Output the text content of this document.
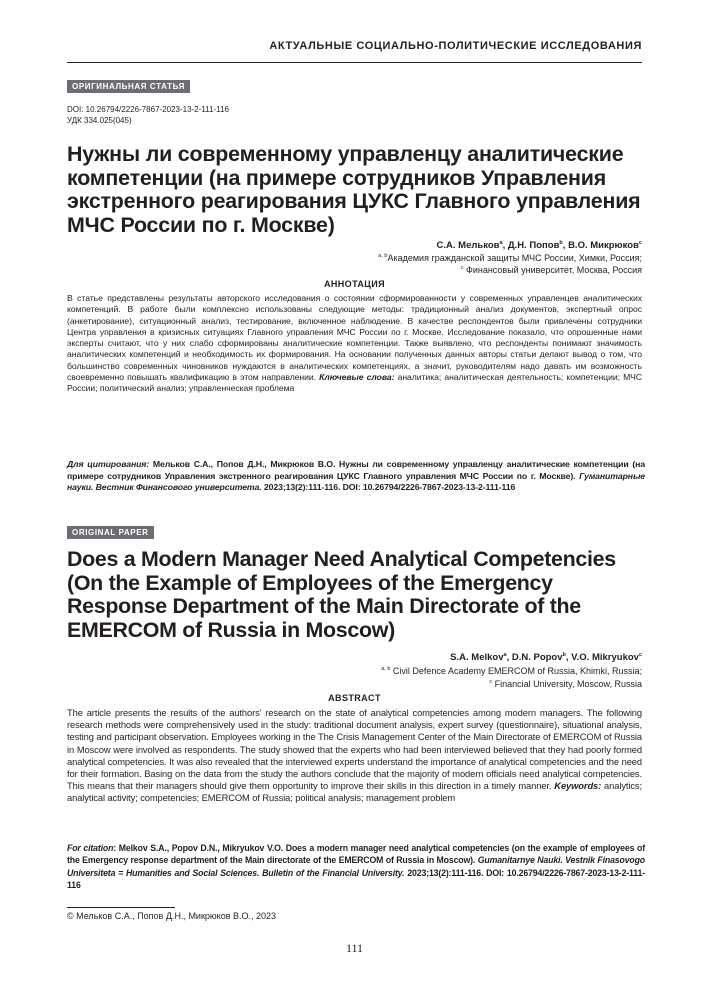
АКТУАЛЬНЫЕ СОЦИАЛЬНО-ПОЛИТИЧЕСКИЕ ИССЛЕДОВАНИЯ
ОРИГИНАЛЬНАЯ СТАТЬЯ
DOI: 10.26794/2226-7867-2023-13-2-111-116
УДК 334.025(045)
Нужны ли современному управленцу аналитические компетенции (на примере сотрудников Управления экстренного реагирования ЦУКС Главного управления МЧС России по г. Москве)
С.А. Мельков$^a$, Д.Н. Попов$^b$, В.О. Микрюков$^c$
$^{a, b}$Академия гражданской защиты МЧС России, Химки, Россия;
$^c$ Финансовый университет, Москва, Россия
АННОТАЦИЯ
В статье представлены результаты авторского исследования о состоянии сформированности у современных управленцев аналитических компетенций. В работе были комплексно использованы следующие методы: традиционный анализ документов, экспертный опрос (анкетирование), ситуационный анализ, тестирование, включенное наблюдение. В качестве респондентов были привлечены сотрудники Центра управления в кризисных ситуациях Главного управления МЧС России по г. Москве. Исследование показало, что опрошенные нами эксперты считают, что у них слабо сформированы аналитические компетенции. Также выявлено, что респонденты понимают значимость аналитических компетенций и необходимость их формирования. На основании полученных данных авторы статьи делают вывод о том, что большинство современных чиновников нуждаются в аналитических компетенциях, а значит, руководителям надо давать им возможность своевременно повышать квалификацию в этом направлении. Ключевые слова: аналитика; аналитическая деятельность; компетенции; МЧС России; политический анализ; управленческая проблема
Для цитирования: Мельков С.А., Попов Д.Н., Микрюков В.О. Нужны ли современному управленцу аналитические компетенции (на примере сотрудников Управления экстренного реагирования ЦУКС Главного управления МЧС России по г. Москве). Гуманитарные науки. Вестник Финансового университета. 2023;13(2):111-116. DOI: 10.26794/2226-7867-2023-13-2-111-116
ORIGINAL PAPER
Does a Modern Manager Need Analytical Competencies (On the Example of Employees of the Emergency Response Department of the Main Directorate of the EMERCOM of Russia in Moscow)
S.A. Melkov$^a$, D.N. Popov$^b$, V.O. Mikryukov$^c$
$^{a, b}$ Civil Defence Academy EMERCOM of Russia, Khimki, Russia;
$^c$ Financial University, Moscow, Russia
ABSTRACT
The article presents the results of the authors' research on the state of analytical competencies among modern managers. The following research methods were comprehensively used in the study: traditional document analysis, expert survey (questionnaire), situational analysis, testing and participant observation. Employees working in the The Crisis Management Center of the Main Directorate of EMERCOM of Russia in Moscow were involved as respondents. The study showed that the experts who had been interviewed believed that they had poorly formed analytical competencies. It was also revealed that the interviewed experts understand the importance of analytical competencies and the need for their formation. Basing on the data from the study the authors conclude that the majority of modern officials need analytical competencies. This means that their managers should give them opportunity to improve their skills in this direction in a timely manner. Keywords: analytics; analytical activity; competencies; EMERCOM of Russia; political analysis; management problem
For citation: Melkov S.A., Popov D.N., Mikryukov V.O. Does a modern manager need analytical competencies (on the example of employees of the Emergency response department of the Main directorate of the EMERCOM of Russia in Moscow). Gumanitarnye Nauki. Vestnik Finasovogo Universiteta = Humanities and Social Sciences. Bulletin of the Financial University. 2023;13(2):111-116. DOI: 10.26794/2226-7867-2023-13-2-111-116
© Мельков С.А., Попов Д.Н., Микрюков В.О., 2023
111
